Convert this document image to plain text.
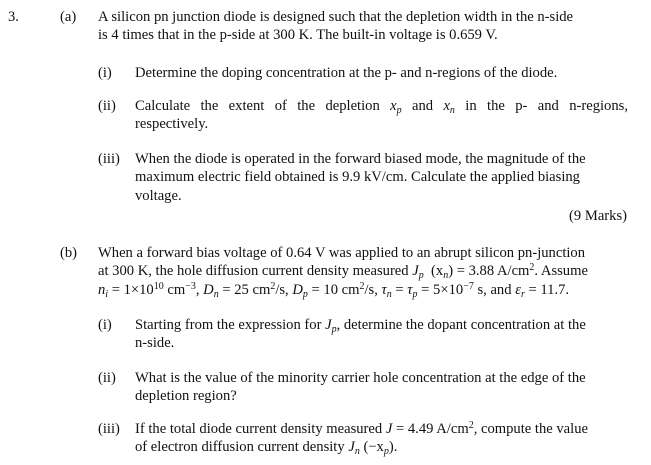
3.	(a) A silicon pn junction diode is designed such that the depletion width in the n-side
is 4 times that in the p-side at 300 K. The built-in voltage is 0.659 V.
(i) Determine the doping concentration at the p- and n-regions of the diode.
(ii) Calculate the extent of the depletion $x_p$ and $x_n$ in the p- and n-regions,
respectively.
(iii) When the diode is operated in the forward biased mode, the magnitude of the
maximum electric field obtained is 9.9 kV/cm. Calculate the applied biasing
voltage.
(9 Marks)
(b) When a forward bias voltage of 0.64 V was applied to an abrupt silicon pn-junction
at 300 K, the hole diffusion current density measured $J_p$ $(x_n) = 3.88$ $A/cm^2$. Assume
$n_i = 1\times 10^{10}$ $cm^{-3}$, $D_n = 25$ $cm^2/s$, $D_p = 10$ $cm^2/s$, $\tau_n = \tau_p = 5\times 10^{-7}$ s, and $\varepsilon_r = 11.7$.
(i) Starting from the expression for $J_p$, determine the dopant concentration at the
n-side.
(ii) What is the value of the minority carrier hole concentration at the edge of the
depletion region?
(iii) If the total diode current density measured J = 4.49 $A/cm^2$, compute the value
of electron diffusion current density $J_n$ $(-x_p)$.
